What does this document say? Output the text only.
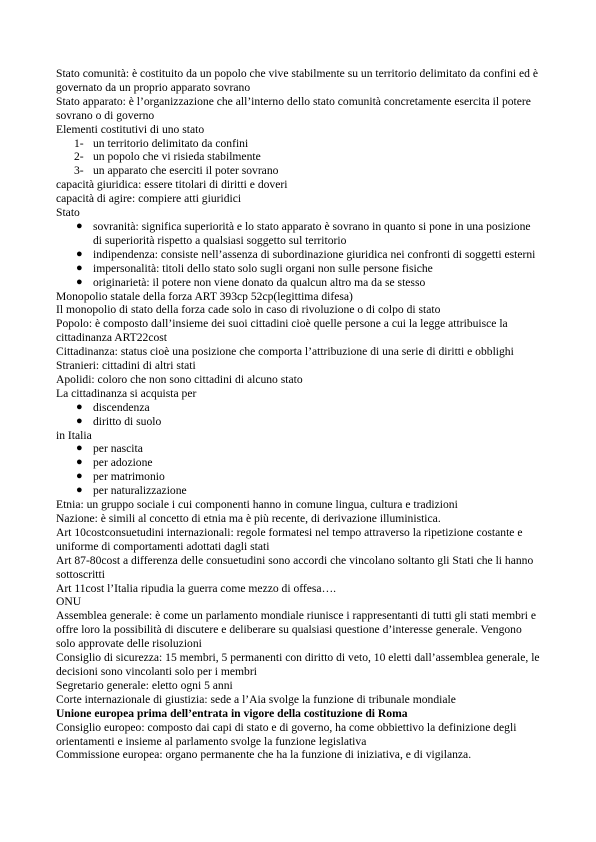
Stato comunità: è costituito da un popolo che vive stabilmente su un territorio delimitato da confini ed è governato da un proprio apparato sovrano

Stato apparato: è l’organizzazione che all’interno dello stato comunità concretamente esercita il potere sovrano o di governo

Elementi costitutivi di uno stato

1- un territorio delimitato da confini
2- un popolo che vi risieda stabilmente
3- un apparato che eserciti il poter sovrano

capacità giuridica: essere titolari di diritti e doveri

capacità di agire: compiere atti giuridici

Stato

● sovranità: significa superiorità e lo stato apparato è sovrano in quanto si pone in una posizione di superiorità rispetto a qualsiasi soggetto sul territorio
● indipendenza: consiste nell’assenza di subordinazione giuridica nei confronti di soggetti esterni
● impersonalità: titoli dello stato solo sugli organi non sulle persone fisiche
● originarietà: il potere non viene donato da qualcun altro ma da se stesso

Monopolio statale della forza ART 393cp 52cp(legittima difesa)

Il monopolio di stato della forza cade solo in caso di rivoluzione o di colpo di stato

Popolo: è composto dall’insieme dei suoi cittadini cioè quelle persone a cui la legge attribuisce la cittadinanza ART22cost

Cittadinanza: status cioè una posizione che comporta l’attribuzione di una serie di diritti e obblighi

Stranieri: cittadini di altri stati

Apolidi: coloro che non sono cittadini di alcuno stato

La cittadinanza si acquista per

● discendenza
● diritto di suolo

in Italia

● per nascita
● per adozione
● per matrimonio
● per naturalizzazione

Etnia: un gruppo sociale i cui componenti hanno in comune lingua, cultura e tradizioni

Nazione: è simili al concetto di etnia ma è più recente, di derivazione illuministica.

Art 10costconsuetudini internazionali: regole formatesi nel tempo attraverso la ripetizione costante e uniforme di comportamenti adottati dagli stati

Art 87-80cost a differenza delle consuetudini sono accordi che vincolano soltanto gli Stati che li hanno sottoscritti

Art 11cost l’Italia ripudia la guerra come mezzo di offesa….

ONU

Assemblea generale: è come un parlamento mondiale riunisce i rappresentanti di tutti gli stati membri e offre loro la possibilità di discutere e deliberare su qualsiasi questione d’interesse generale. Vengono solo approvate delle risoluzioni

Consiglio di sicurezza: 15 membri, 5 permanenti con diritto di veto, 10 eletti dall’assemblea generale, le decisioni sono vincolanti solo per i membri

Segretario generale: eletto ogni 5 anni

Corte internazionale di giustizia: sede a l’Aia svolge la funzione di tribunale mondiale

Unione europea prima dell’entrata in vigore della costituzione di Roma

Consiglio europeo: composto dai capi di stato e di governo, ha come obbiettivo la definizione degli orientamenti e insieme al parlamento svolge la funzione legislativa

Commissione europea: organo permanente che ha la funzione di iniziativa, e di vigilanza.
